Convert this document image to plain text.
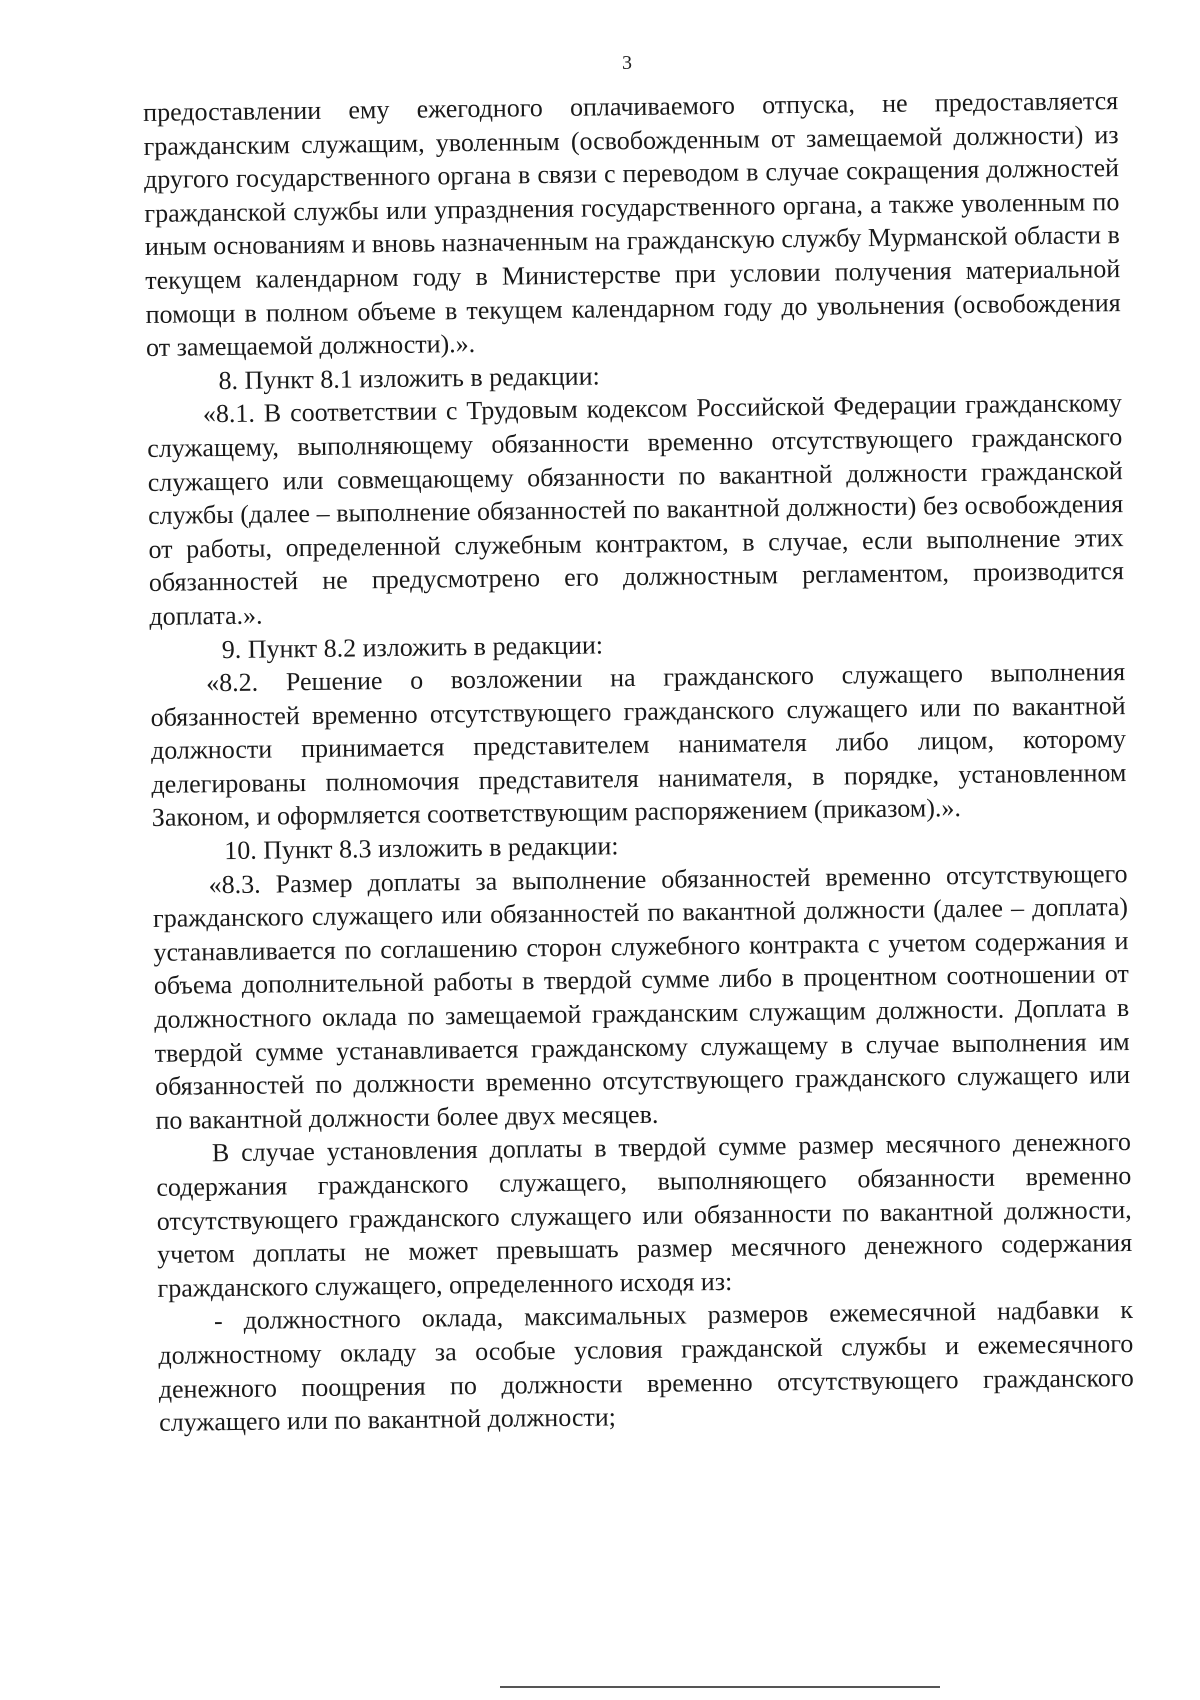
3

предоставлении ему ежегодного оплачиваемого отпуска, не предоставляется гражданским служащим, уволенным (освобожденным от замещаемой должности) из другого государственного органа в связи с переводом в случае сокращения должностей гражданской службы или упразднения государственного органа, а также уволенным по иным основаниям и вновь назначенным на гражданскую службу Мурманской области в текущем календарном году в Министерстве при условии получения материальной помощи в полном объеме в текущем календарном году до увольнения (освобождения от замещаемой должности).».

8. Пункт 8.1 изложить в редакции:

«8.1. В соответствии с Трудовым кодексом Российской Федерации гражданскому служащему, выполняющему обязанности временно отсутствующего гражданского служащего или совмещающему обязанности по вакантной должности гражданской службы (далее – выполнение обязанностей по вакантной должности) без освобождения от работы, определенной служебным контрактом, в случае, если выполнение этих обязанностей не предусмотрено его должностным регламентом, производится доплата.».

9. Пункт 8.2 изложить в редакции:

«8.2. Решение о возложении на гражданского служащего выполнения обязанностей временно отсутствующего гражданского служащего или по вакантной должности принимается представителем нанимателя либо лицом, которому делегированы полномочия представителя нанимателя, в порядке, установленном Законом, и оформляется соответствующим распоряжением (приказом).».

10. Пункт 8.3 изложить в редакции:

«8.3. Размер доплаты за выполнение обязанностей временно отсутствующего гражданского служащего или обязанностей по вакантной должности (далее – доплата) устанавливается по соглашению сторон служебного контракта с учетом содержания и объема дополнительной работы в твердой сумме либо в процентном соотношении от должностного оклада по замещаемой гражданским служащим должности. Доплата в твердой сумме устанавливается гражданскому служащему в случае выполнения им обязанностей по должности временно отсутствующего гражданского служащего или по вакантной должности более двух месяцев.

В случае установления доплаты в твердой сумме размер месячного денежного содержания гражданского служащего, выполняющего обязанности временно отсутствующего гражданского служащего или обязанности по вакантной должности, учетом доплаты не может превышать размер месячного денежного содержания гражданского служащего, определенного исходя из:

- должностного оклада, максимальных размеров ежемесячной надбавки к должностному окладу за особые условия гражданской службы и ежемесячного денежного поощрения по должности временно отсутствующего гражданского служащего или по вакантной должности;
